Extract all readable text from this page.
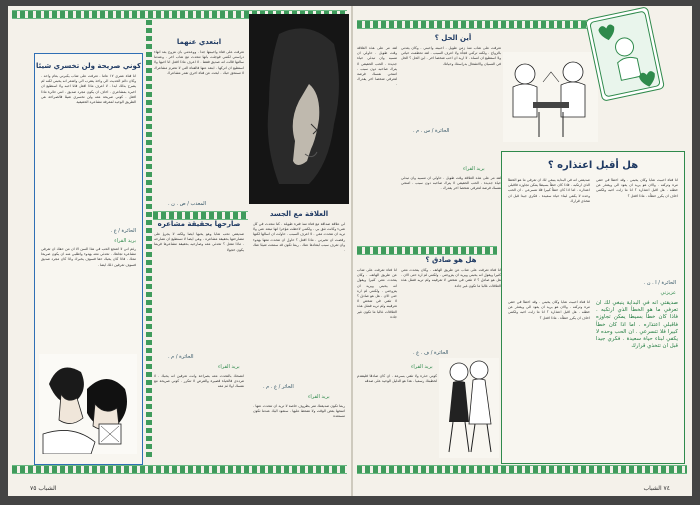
كوني صريحة ولن تخسري شيئا
انا فتاة عمري ١٧ عاما . تعرفت على شاب يكبرني بعام واحد . وكان دائم الحديث الي واخذ يتقرب الي واشعر انه يحبني لكنه لم يصرح بذلك ابدا . لا اعرف ماذا افعل فانا احبه ولا استطيع ان اخبره بمشاعري . اخاف ان يكون مجرد صديق . انني حائرة ماذا افعل . كوني صريحة معه ولن تخسري شيئا فالصراحة هي الطريق الوحيد لمعرفة مشاعره الحقيقية
الحائرة / ع .
بريد القراء
رغم اني لا اشجع الحب في هذا السن الا ان من حقك ان تعرفي مشاعره تجاهك . تحدثي معه بهدوء واطلبي منه ان يكون صريحا معك . فاذا كان يحبك حقا فسوف يخبرك واذا كان مجرد صديق فسوف تعرفين ذلك ايضا .
ابتعدي عنهما
تعرفت على فتاة واحببتها جدا . ووعدتني بان نتزوج بعد انهاء دراستي لكنني فوجئت بانها تتحدث مع شاب اخر . وعندما سالتها قالت انه صديق فقط . لا اعرف ماذا افعل انا احبها ولا استطيع ان اتركها . ابتعد عنها فالفتاة التي لا تحترم مشاعرك لا تستحق حبك . ابحث عن فتاة اخرى تقدر مشاعرك
المعذب / ص . ن .
صارحها بحقيقة مشاعره
صديقتي تحب شابا وهو يحبها ايضا ولكنه لا يجرؤ على مصارحتها بحقيقة مشاعره . وهي ايضا لا تستطيع ان تصارحه . ماذا تفعل ؟ تحدثي معه وصارحيه بحقيقة مشاعرها فربما يكون خجولا
الحائرة / م .
بريد القراء
انصحك بالتحدث معه بصراحة وانت تعرفين انه يحبك . لا تترددي فالحياة قصيرة والفرص لا تتكرر . كوني صريحة مع نفسك اولا ثم معه
العلاقة مع الجسد
لي علاقة صداقة مع فتاة منذ فترة طويلة . كنا نتحدث في كل شيء وكانت تثق بي . ولكنني لاحظت مؤخرا انها تبتعد عني ولا تريد ان تتحدث معي . لا اعرف السبب . حاولت ان اسالها لكنها رفضت ان تخبرني . ماذا افعل ؟ حاول ان تتحدث معها بهدوء وان تعرف سبب ابتعادها عنك . ربما تكون قد سمعت شيئا عنك .
الحائر / ع . م .
بريد القراء
ربما تكون صديقتك تمر بظروف خاصة لا تريد ان تتحدث عنها . امنحها بعض الوقت ولا تضغط عليها . ستعود اليك عندما تكون مستعدة
الشباب ٧٥
أين الحل ؟
تعرفت على شاب منذ زمن طويل . احببته واحبني . وكان يعدني بالزواج . ولكنه تركني فجأة ولا اعرف السبب . لقد تحطمت حياتي ولا استطيع ان انساه . لا اريد ان احب شخصا اخر . اين الحل ؟ الحل في النسيان والانشغال بدراستك وحياتك
الحائرة / س . م .
بريد القراء
لقد مر على هذه العلاقة وقت طويل . حاولي ان تنسيه وان تبدئي حياة جديدة . الحب الحقيقي لا يترك صاحبه دون سبب . امنحي نفسك فرصة لتعرفي شخصا اخر يقدرك .
هل هو صادق ؟
انا فتاة تعرفت على شاب عن طريق الهاتف . وكان يتحدث معي كثيرا ويقول انه يحبني ويريد ان يتزوجني . ولكنني لم اره حتى الان . هل هو صادق ؟ لا تثقي في شخص لا تعرفينه ولم تريه فمثل هذه العلاقات غالبا ما تكون غير جادة
الحائرة / ف . ع .
بريد القراء
كوني حذرة ولا تثقي بسرعة . ان كان صادقا فليتقدم لخطبتك رسميا . هذا هو الدليل الوحيد على صدقه
لقد مر على هذه العلاقة وقت طويل . حاولي ان تنسيه وان تبدئي حياة جديدة . الحب الحقيقي لا يترك صاحبه دون سبب . امنحي نفسك فرصة لتعرفي شخصا اخر يقدرك .
انا فتاة تعرفت على شاب عن طريق الهاتف . وكان يتحدث معي كثيرا ويقول انه يحبني ويريد ان يتزوجني . ولكنني لم اره حتى الان . هل هو صادق ؟ لا تثقي في شخص لا تعرفينه ولم تريه فمثل هذه العلاقات غالبا ما تكون غير جادة
هل أقبل اعتذاره ؟
انا فتاة احببت شابا وكان يحبني . وقد اخطأ في حقي مرة وتركته . والان هو يريد ان يعود الي ويعتذر عن خطئه . هل اقبل اعتذاره ؟ انا ما زلت احبه ولكنني اخاف ان يكرر خطأه . ماذا افعل ؟
صديقتي انه في البداية ينبغي لك ان تعرفي ما هو الخطأ الذي ارتكبه . فاذا كان خطأ بسيطا يمكن تجاوزه فاقبلي اعتذاره . اما اذا كان خطأ كبيرا فلا تتسرعي . ان الحب وحده لا يكفي لبناء حياة سعيدة . فكري جيدا قبل ان تتخذي قرارك
الحائرة / ا . ن .
عزيزتي
صديقتي انه في البداية ينبغي لك ان تعرفي ما هو الخطأ الذي ارتكبه . فاذا كان خطأ بسيطا يمكن تجاوزه فاقبلي اعتذاره . اما اذا كان خطأ كبيرا فلا تتسرعي . ان الحب وحده لا يكفي لبناء حياة سعيدة . فكري جيدا قبل ان تتخذي قرارك
انا فتاة احببت شابا وكان يحبني . وقد اخطأ في حقي مرة وتركته . والان هو يريد ان يعود الي ويعتذر عن خطئه . هل اقبل اعتذاره ؟ انا ما زلت احبه ولكنني اخاف ان يكرر خطأه . ماذا افعل ؟
٧٤ الشباب
